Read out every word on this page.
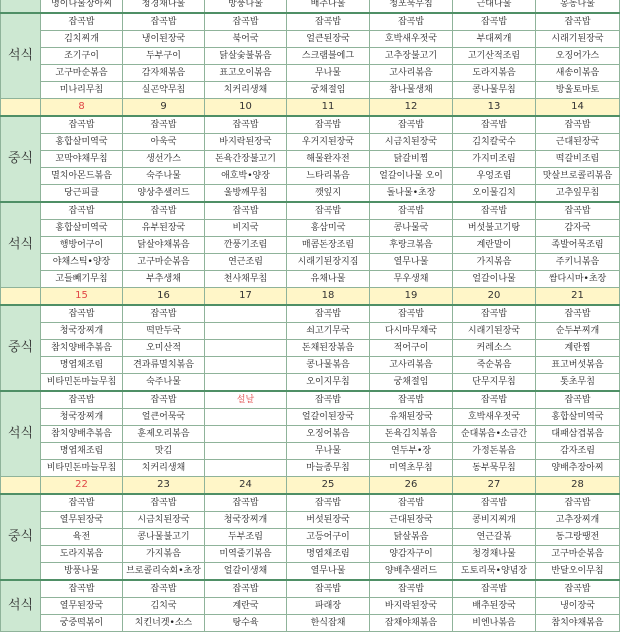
	명이나물장아찌	청경채나물	방풍나물	배추나물	청포묵무침	근대나물	봉동나물
석식	잡곡밥	잡곡밥	잡곡밥	잡곡밥	잡곡밥	잡곡밥	잡곡밥
	김치찌개	냉이된장국	북어국	얼큰된장국	호박새우젓국	부대찌개	시래기된장국
	조기구이	두부구이	닭살숯불볶음	스크램블에그	고추장불고기	고기산적조림	오징어가스
	고구마순볶음	감자채볶음	표고오이볶음	무나물	고사리볶음	도라지볶음	새송이볶음
	미나리무침	실곤약무침	치커리생채	궁채절임	참나물생채	콩나물무침	방울토마토
	8	9	10	11	12	13	14
중식	잡곡밥	잡곡밥	잡곡밥	잡곡밥	잡곡밥	잡곡밥	잡곡밥
	홍합살미역국	아욱국	바지락된장국	우거지된장국	시금치된장국	김치칼국수	근대된장국
	꼬막야채무침	생선가스	돈육간장불고기	해물완자전	닭갈비찜	가지미조림	떡갈비조림
	멸치아몬드볶음	숙주나물	애호박•양장	느타리볶음	얼갈이나물 오이	우엉조림	맛살브로콜리볶음
	당근피클	양상추샐러드	울방깨무침	깻잎지	돌나물•초장	오이물김치	고추잎무침
석식	잡곡밥	잡곡밥	잡곡밥	잡곡밥	잡곡밥	잡곡밥	잡곡밥
	홍합살미역국	유부된장국	비지국	홍삼미국	콩나물국	버섯불고기탕	감자국
	행방어구이	닭살야채볶음	깐풍기조림	매콤돈장조림	후랑크볶음	계란말이	족발어묵조림
	야채스틱•양장	고구마순볶음	연근조림	시래기된장지짐	열무나물	가지볶음	주키니볶음
	고들빼기무침	부추생채	천사채무침	유채나물	무우생채	얼갈이나물	쌈다시마•초장
	15	16	17	18	19	20	21
중식	잡곡밥	잡곡밥		잡곡밥	잡곡밥	잡곡밥	잡곡밥
	청국장찌개	떡만두국		쇠고기무국	다시마무채국	시래기된장국	순두부찌개
	참치양배추볶음	오미산적		돈채된장볶음	적어구이	커레소스	계란찜
	명엽채조림	견과류멸치볶음		콩나물볶음	고사리볶음	죽순볶음	표고버섯볶음
	비타민돈마늘무침	숙주나물		오이지무침	궁채절임	단무지무침	톳초무침
석식	잡곡밥	잡곡밥	설날	잡곡밥	잡곡밥	잡곡밥	잡곡밥
	청국장찌개	얼큰어묵국		얼갈이된장국	유채된장국	호박새우젓국	홍합살미역국
	참치양배추볶음	훈제오리볶음		오징어볶음	돈육김치볶음	순대볶음•소금간	대패삼겹볶음
	명엽채조림	맛김		무나물	연두부•장	가정돈볶음	감자조림
	비타민돈마늘무침	치커리생채		마늘종무침	미역초무침	동부묵무침	양배추장아찌
	22	23	24	25	26	27	28
중식	잡곡밥	잡곡밥	잡곡밥	잡곡밥	잡곡밥	잡곡밥	잡곡밥
	열무된장국	시금치된장국	청국장찌개	버섯된장국	근대된장국	콩비지찌개	고추장찌개
	육전	콩나물불고기	두부조림	고등어구이	닭살볶음	연근갈볶	동그랑땡전
	도라지볶음	가지볶음	미역줄기볶음	명엽채조림	양감자구이	청경채나물	고구마순볶음
	방풍나물	브로콜리숙회•초장	얼갈이생채	열무나물	양배추샐러드	도토리묵•양념장	반달오이무침
석식	잡곡밥	잡곡밥	잡곡밥	잡곡밥	잡곡밥	잡곡밥	잡곡밥
	열무된장국	김치국	계란국	파래장	바지락된장국	배추된장국	냉이장국
	궁중떡볶이	치킨너겟•소스	탕수육	한식잡채	잡채야채볶음	비엔나볶음	참치야채볶음
